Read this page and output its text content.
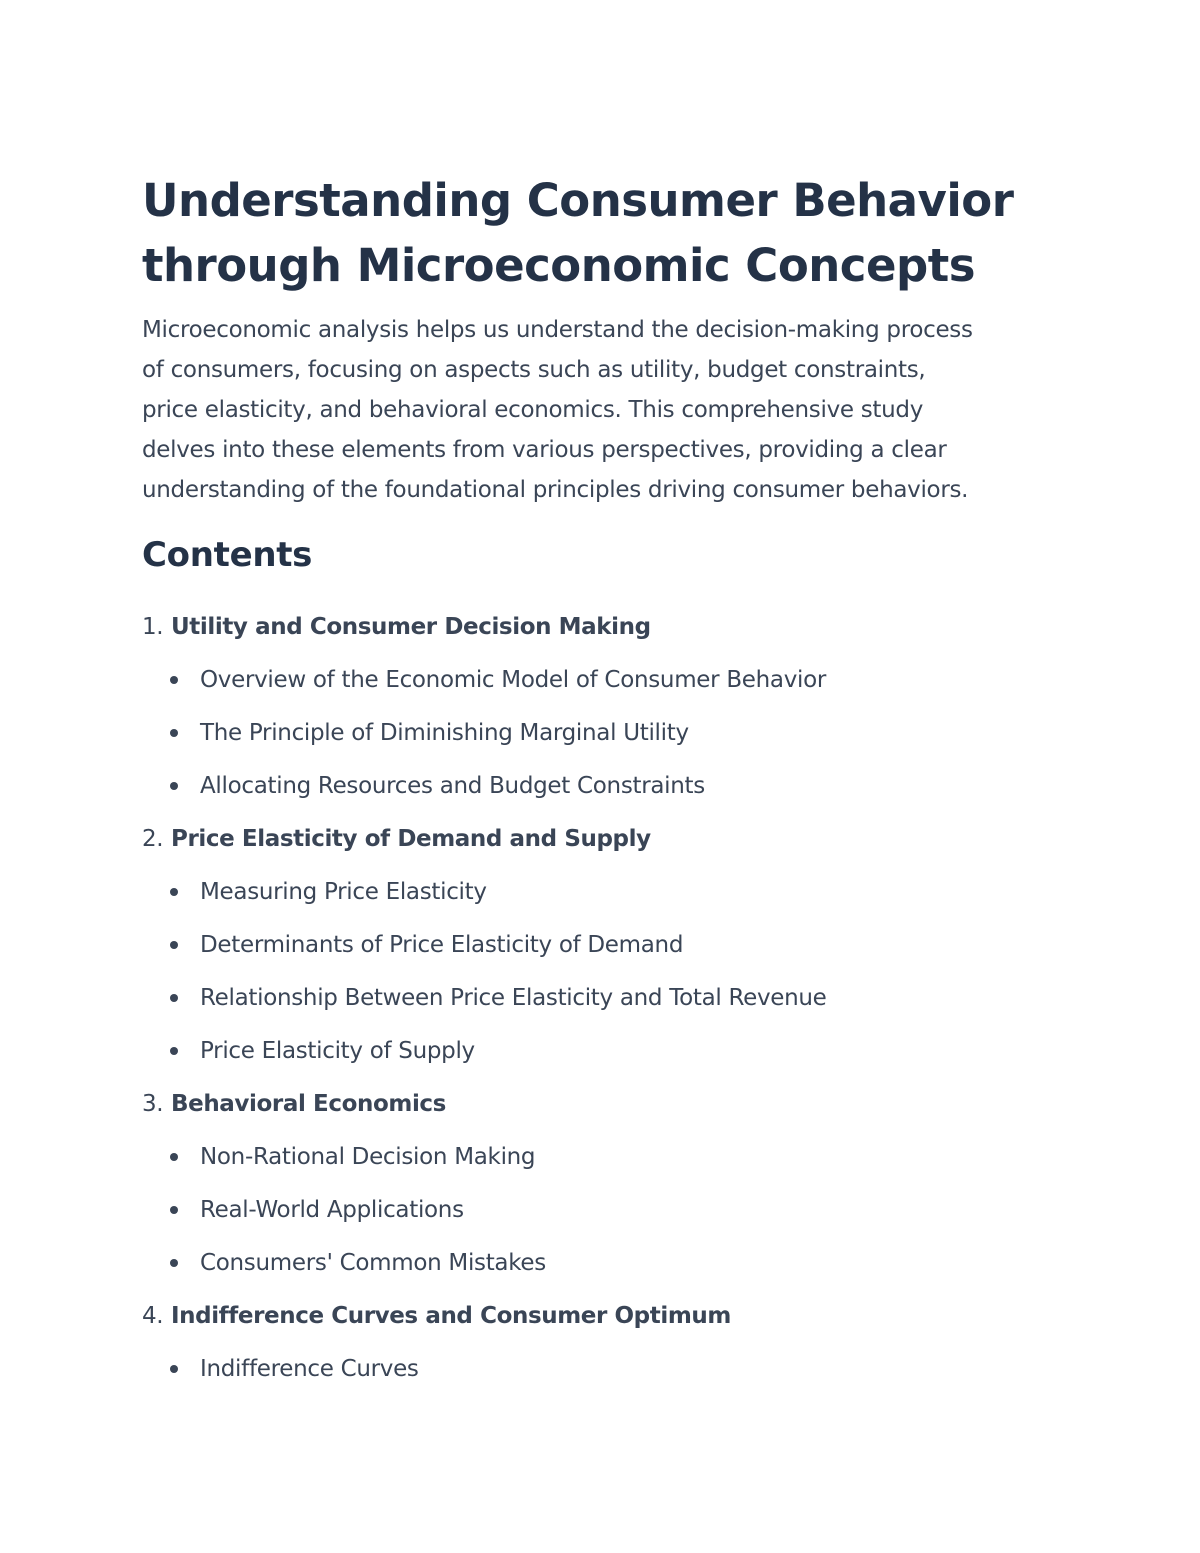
Understanding Consumer Behavior
through Microeconomic Concepts

Microeconomic analysis helps us understand the decision-making process
of consumers, focusing on aspects such as utility, budget constraints,
price elasticity, and behavioral economics. This comprehensive study
delves into these elements from various perspectives, providing a clear
understanding of the foundational principles driving consumer behaviors.

Contents
1. Utility and Consumer Decision Making
Overview of the Economic Model of Consumer Behavior
The Principle of Diminishing Marginal Utility
Allocating Resources and Budget Constraints
2. Price Elasticity of Demand and Supply
Measuring Price Elasticity
Determinants of Price Elasticity of Demand
Relationship Between Price Elasticity and Total Revenue
Price Elasticity of Supply
3. Behavioral Economics
Non-Rational Decision Making
Real-World Applications
Consumers' Common Mistakes
4. Indifference Curves and Consumer Optimum
Indifference Curves
